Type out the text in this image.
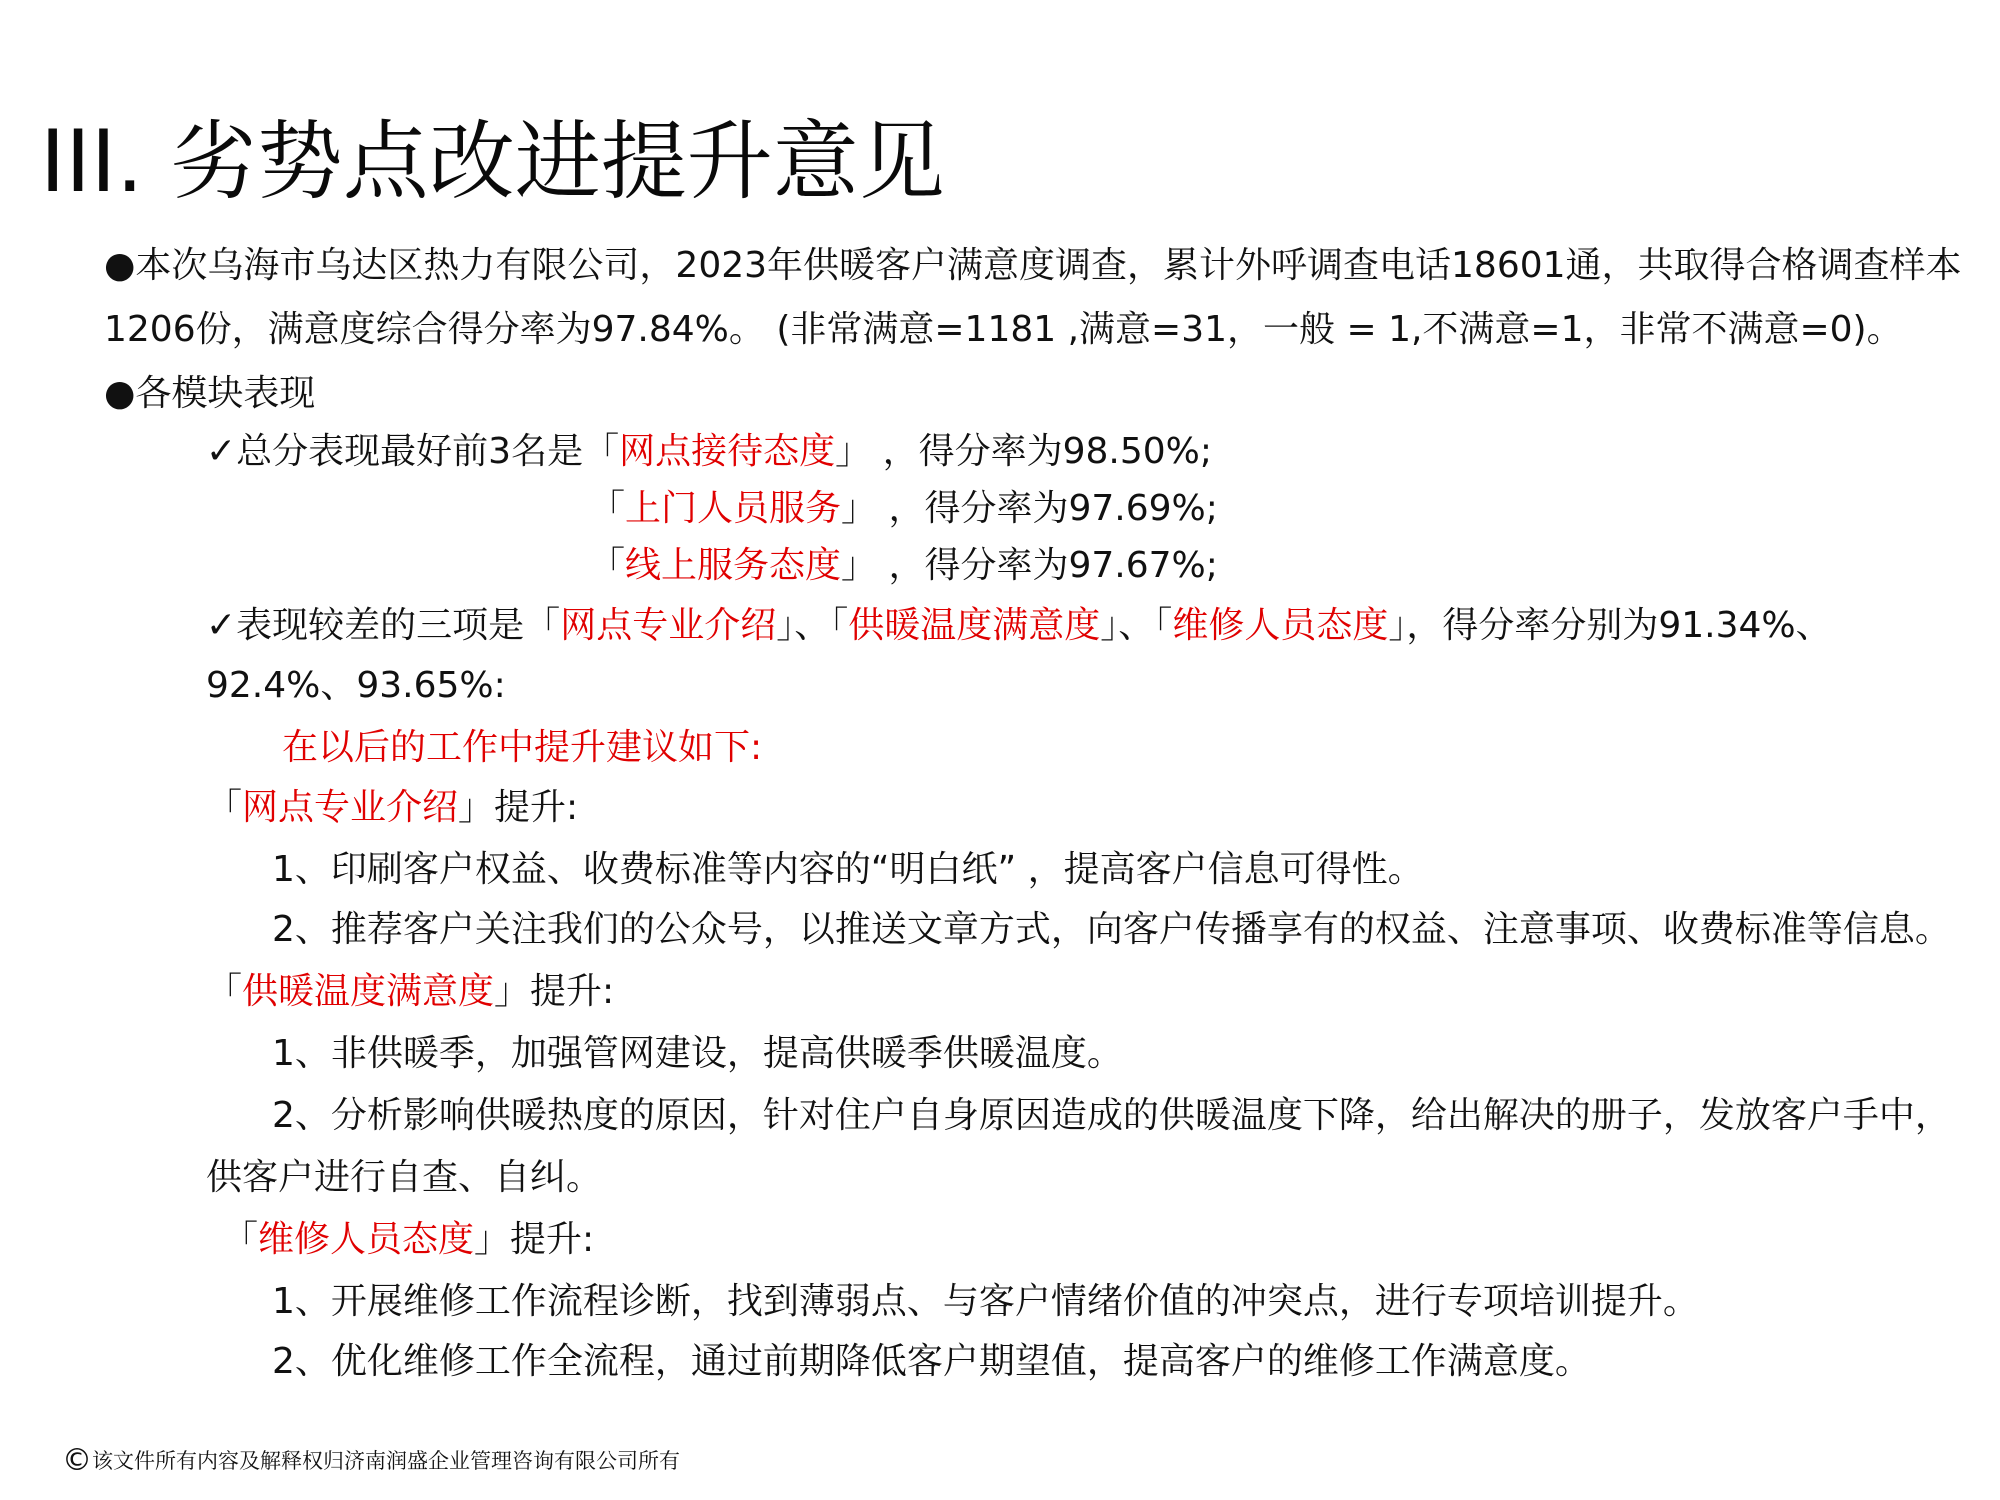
III. 劣势点改进提升意见
●本次乌海市乌达区热力有限公司，2023年供暖客户满意度调查，累计外呼调查电话18601通，共取得合格调查样本
1206份，满意度综合得分率为97.84%。 (非常满意=1181 ,满意=31，一般 = 1,不满意=1，非常不满意=0)。
●各模块表现
✓总分表现最好前3名是「网点接待态度」 ，得分率为98.50%;
「上门人员服务」 ，得分率为97.69%;
「线上服务态度」 ，得分率为97.67%;
✓表现较差的三项是「网点专业介绍」、「供暖温度满意度」、「维修人员态度」，得分率分别为91.34%、
92.4%、93.65%:
在以后的工作中提升建议如下:
「网点专业介绍」提升:
1、印刷客户权益、收费标准等内容的“明白纸” ，提高客户信息可得性。
2、推荐客户关注我们的公众号，以推送文章方式，向客户传播享有的权益、注意事项、收费标准等信息。
「供暖温度满意度」提升:
1、非供暖季，加强管网建设，提高供暖季供暖温度。
2、分析影响供暖热度的原因，针对住户自身原因造成的供暖温度下降，给出解决的册子，发放客户手中，
供客户进行自查、自纠。
「维修人员态度」提升:
1、开展维修工作流程诊断，找到薄弱点、与客户情绪价值的冲突点，进行专项培训提升。
2、优化维修工作全流程，通过前期降低客户期望值，提高客户的维修工作满意度。
©该文件所有内容及解释权归济南润盛企业管理咨询有限公司所有
